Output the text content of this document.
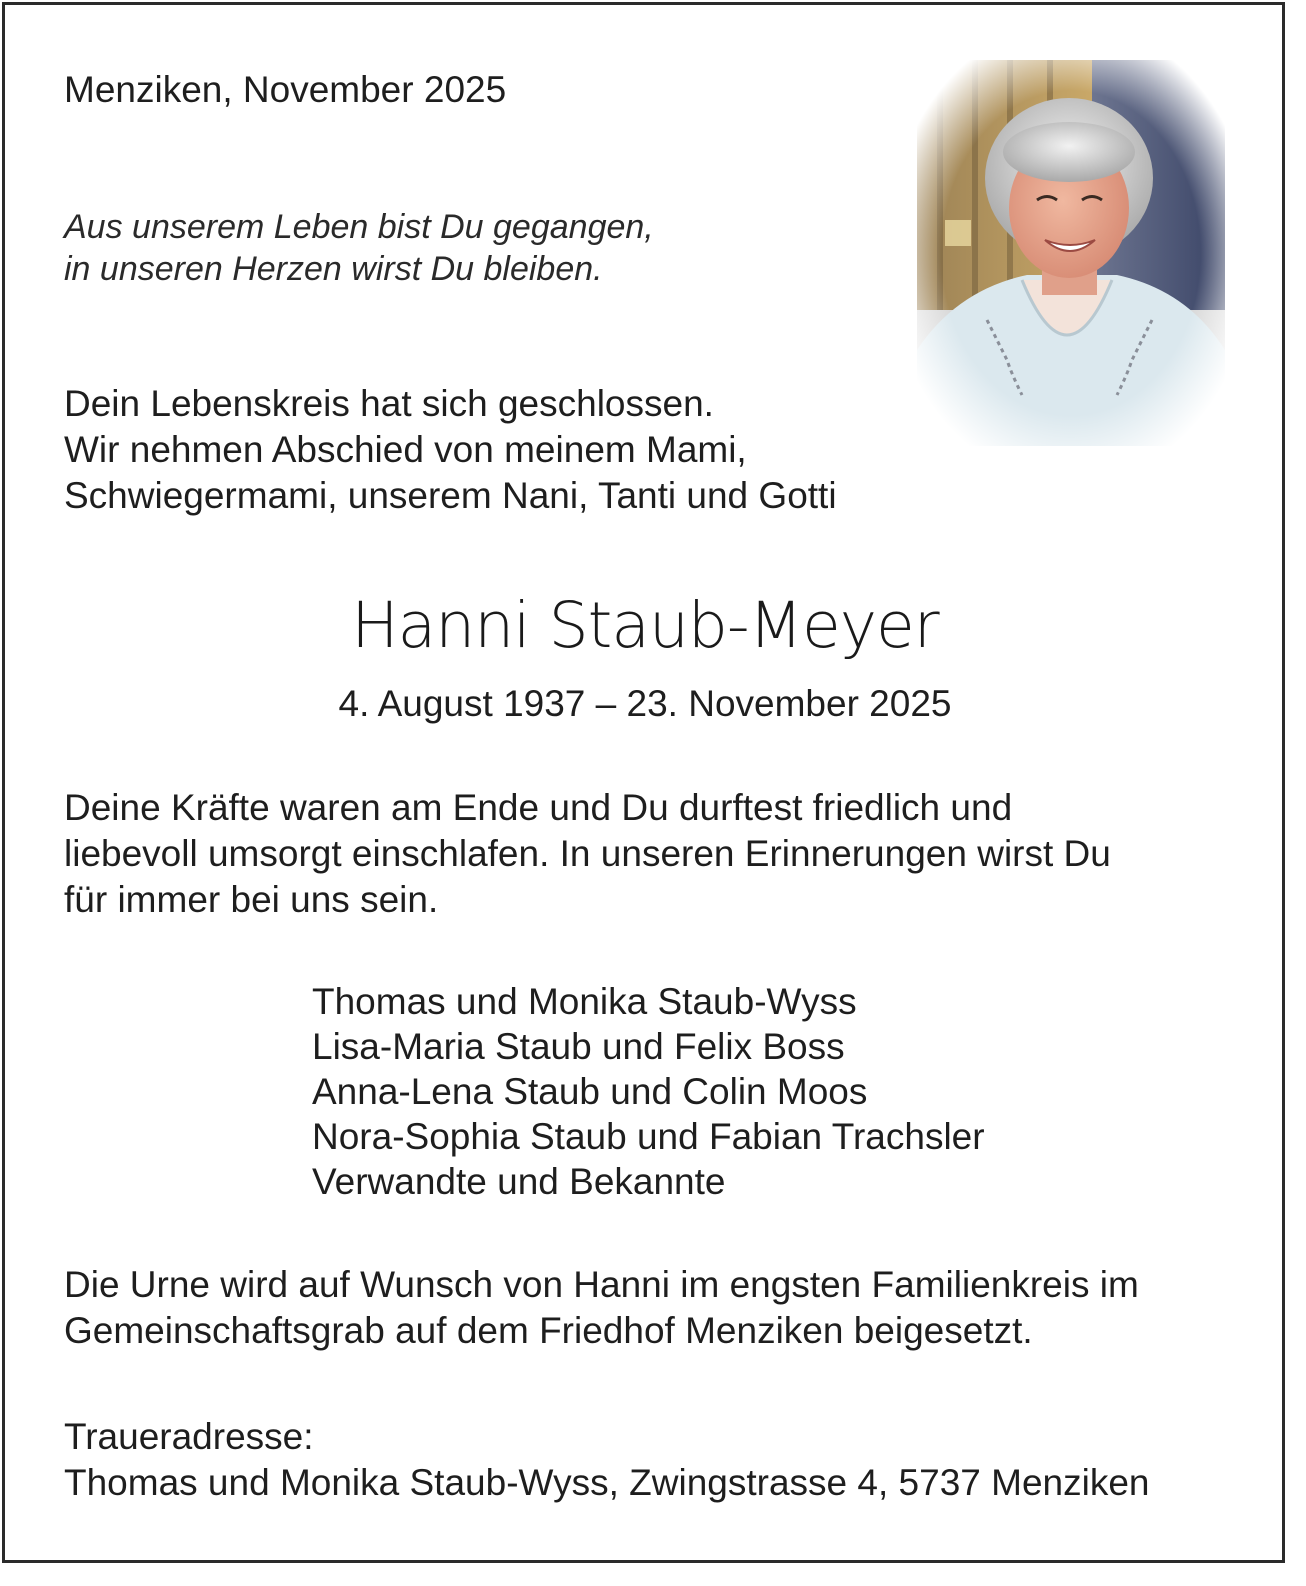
Menziken, November 2025

Aus unserem Leben bist Du gegangen,
in unseren Herzen wirst Du bleiben.
Dein Lebenskreis hat sich geschlossen.
Wir nehmen Abschied von meinem Mami,
Schwiegermami, unserem Nani, Tanti und Gotti

Hanni Staub-Meyer

4. August 1937 – 23. November 2025

Deine Kräfte waren am Ende und Du durftest friedlich und
liebevoll umsorgt einschlafen. In unseren Erinnerungen wirst Du
für immer bei uns sein.
Thomas und Monika Staub-Wyss
Lisa-Maria Staub und Felix Boss
Anna-Lena Staub und Colin Moos
Nora-Sophia Staub und Fabian Trachsler
Verwandte und Bekannte
Die Urne wird auf Wunsch von Hanni im engsten Familienkreis im
Gemeinschaftsgrab auf dem Friedhof Menziken beigesetzt.

Traueradresse:

Thomas und Monika Staub-Wyss, Zwingstrasse 4, 5737 Menziken
